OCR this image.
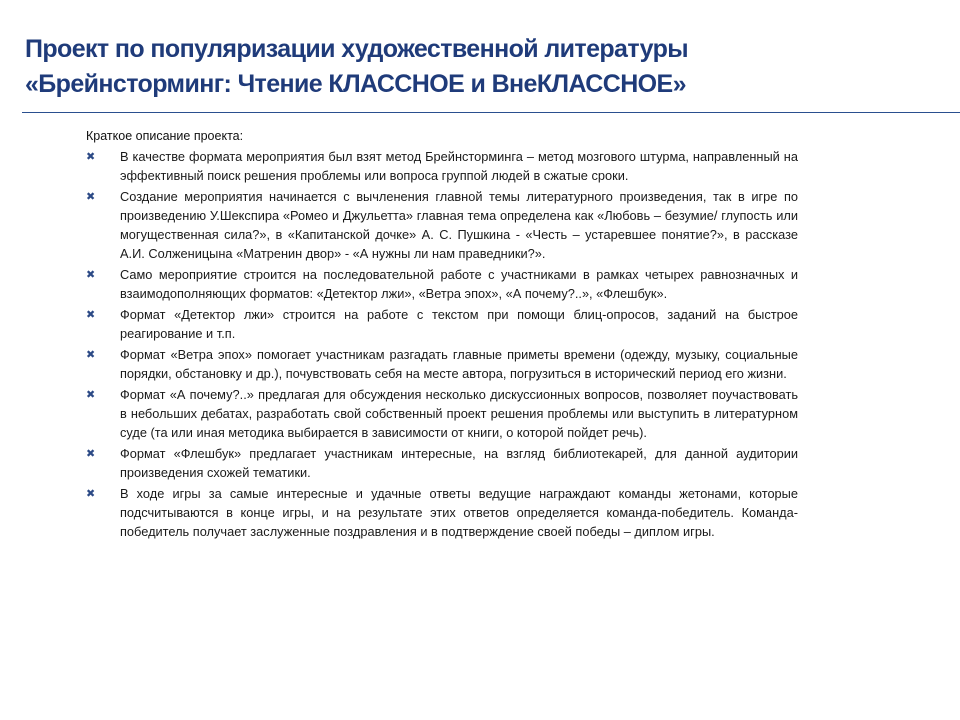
Проект по популяризации художественной литературы
«Брейнсторминг: Чтение КЛАССНОЕ и ВнеКЛАССНОЕ»

Краткое описание проекта:

✖ В качестве формата мероприятия был взят метод Брейнсторминга – метод мозгового штурма, направленный на эффективный поиск решения проблемы или вопроса группой людей в сжатые сроки.
✖ Создание мероприятия начинается с вычленения главной темы литературного произведения, так в игре по произведению У.Шекспира «Ромео и Джульетта» главная тема определена как «Любовь – безумие/ глупость или могущественная сила?», в «Капитанской дочке» А. С. Пушкина - «Честь – устаревшее понятие?», в рассказе А.И. Солженицына «Матренин двор» - «А нужны ли нам праведники?».
✖ Само мероприятие строится на последовательной работе с участниками в рамках четырех равнозначных и взаимодополняющих форматов: «Детектор лжи», «Ветра эпох», «А почему?..», «Флешбук».
✖ Формат «Детектор лжи» строится на работе с текстом при помощи блиц-опросов, заданий на быстрое реагирование и т.п.
✖ Формат «Ветра эпох» помогает участникам разгадать главные приметы времени (одежду, музыку, социальные порядки, обстановку и др.), почувствовать себя на месте автора, погрузиться в исторический период его жизни.
✖ Формат «А почему?..» предлагая для обсуждения несколько дискуссионных вопросов, позволяет поучаствовать в небольших дебатах, разработать свой собственный проект решения проблемы или выступить в литературном суде (та или иная методика выбирается в зависимости от книги, о которой пойдет речь).
✖ Формат «Флешбук» предлагает участникам интересные, на взгляд библиотекарей, для данной аудитории произведения схожей тематики.
✖ В ходе игры за самые интересные и удачные ответы ведущие награждают команды жетонами, которые подсчитываются в конце игры, и на результате этих ответов определяется команда-победитель. Команда-победитель получает заслуженные поздравления и в подтверждение своей победы – диплом игры.
